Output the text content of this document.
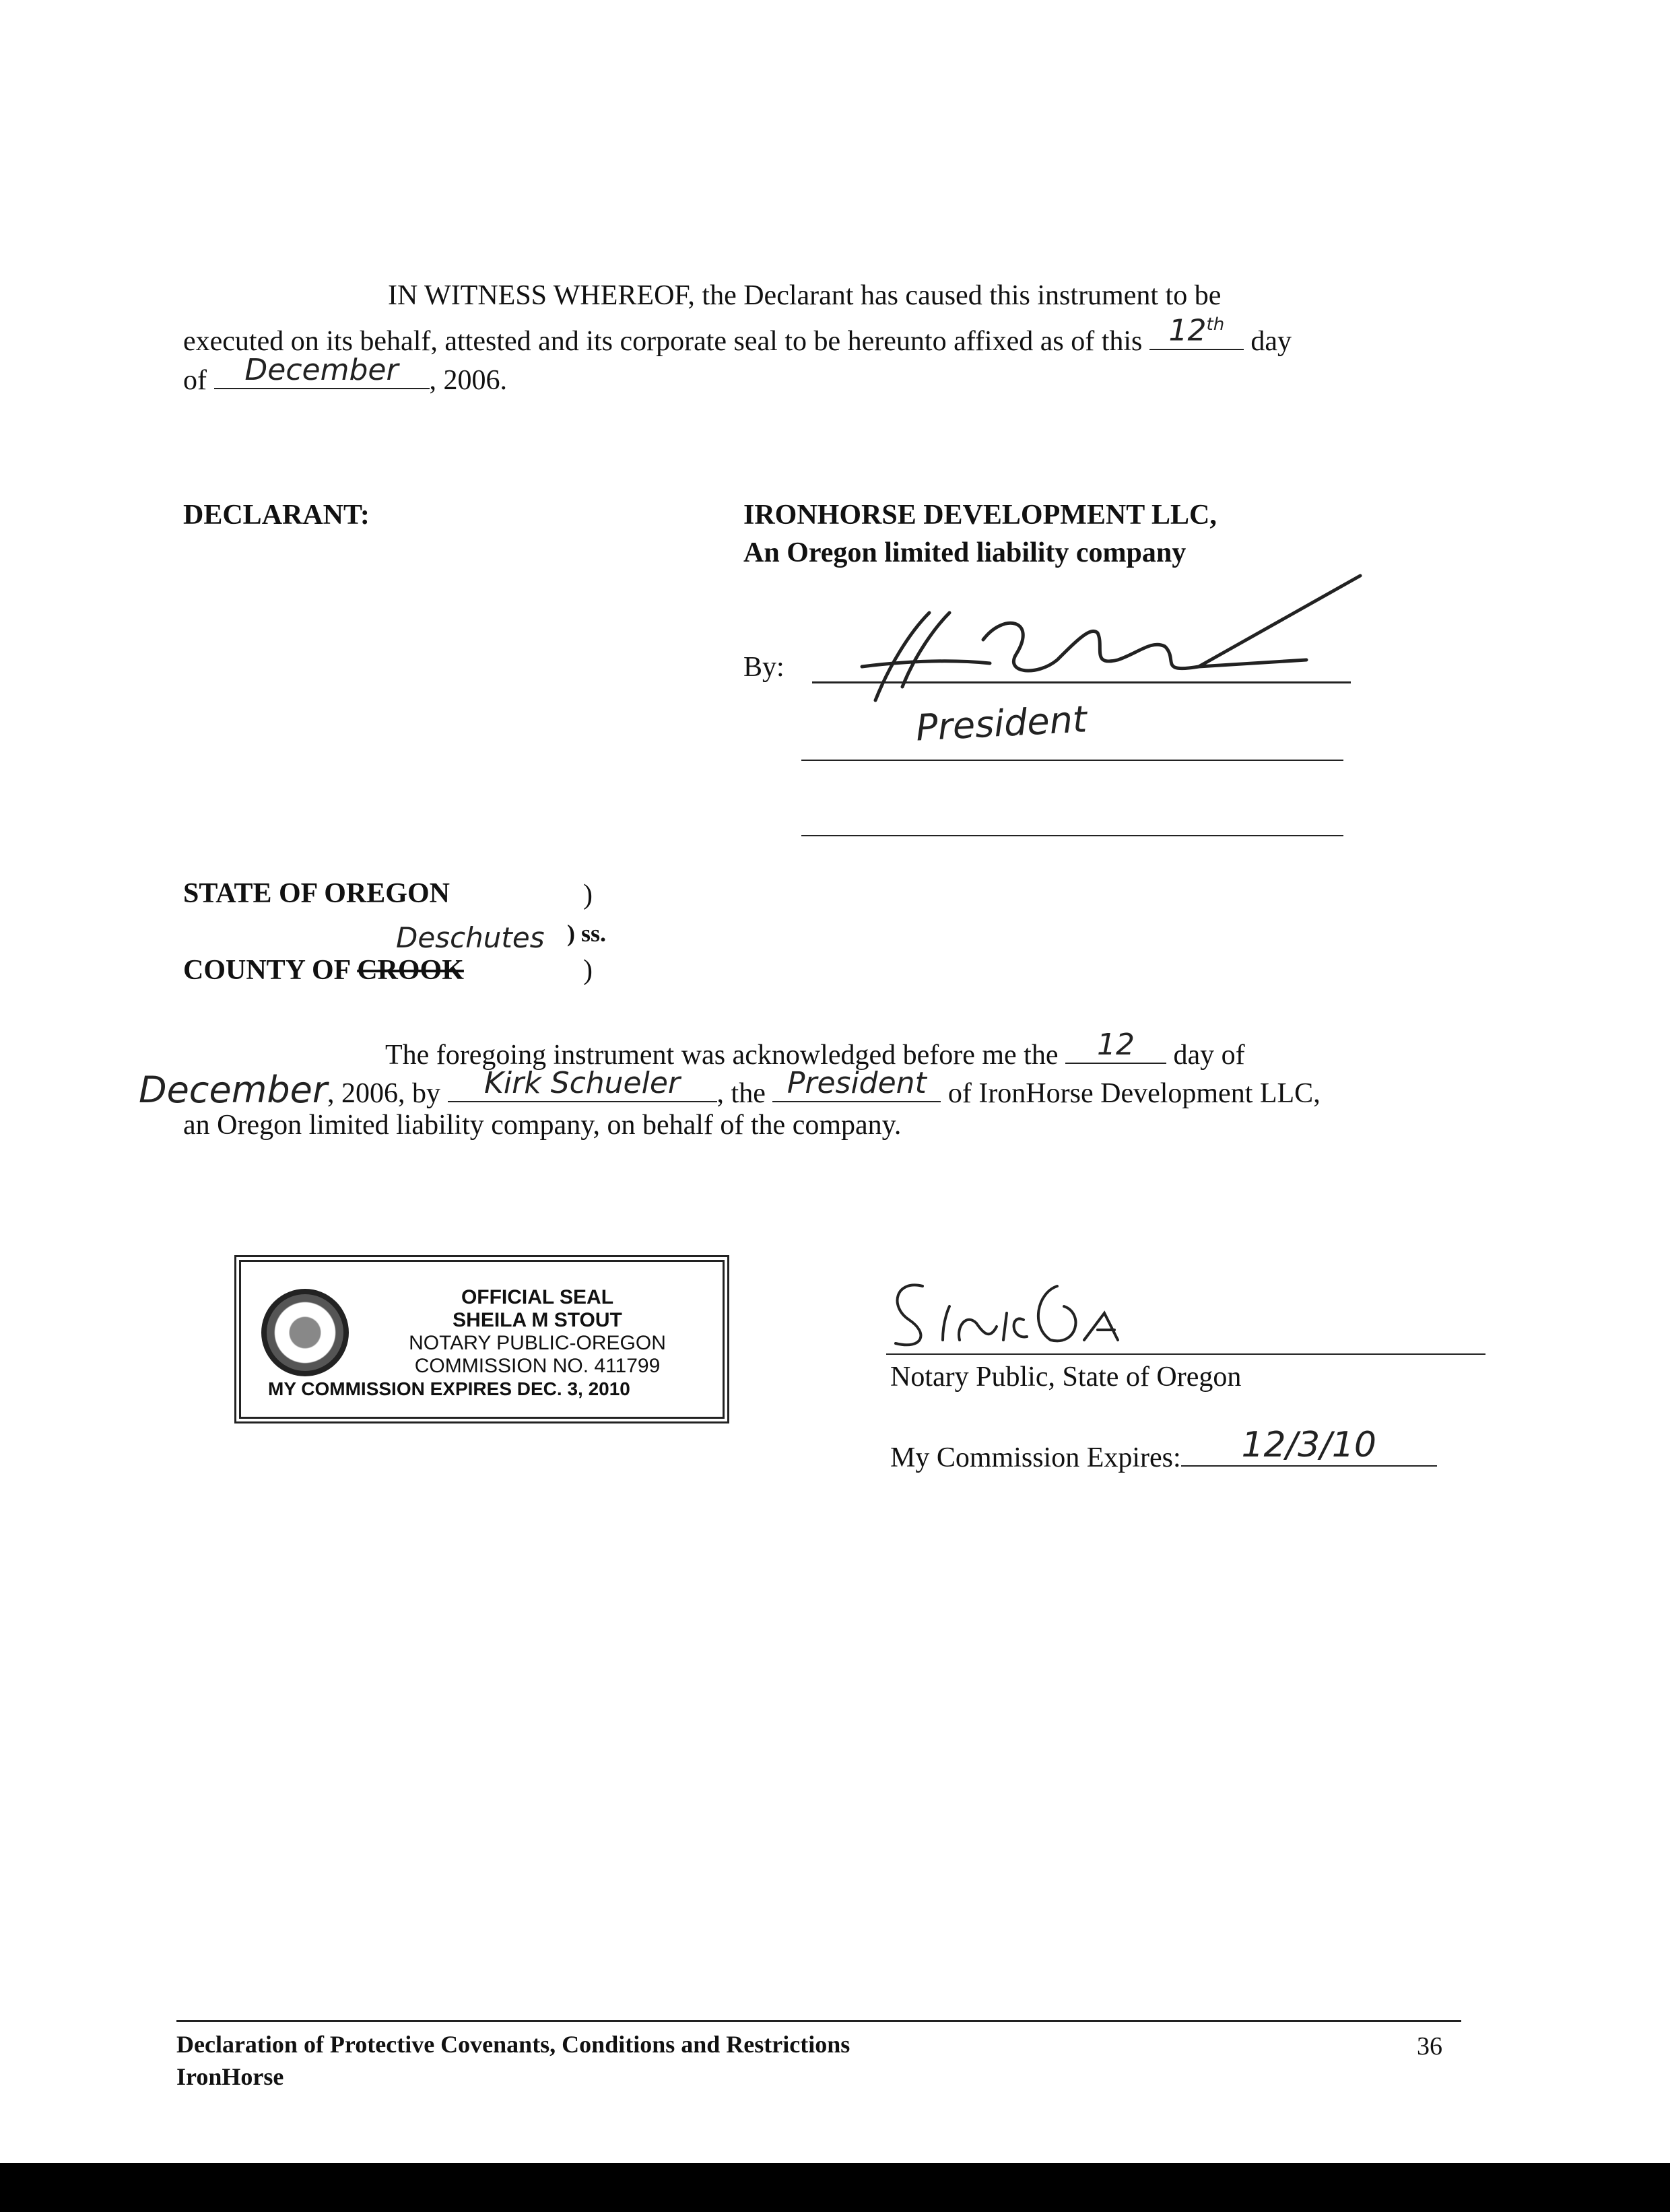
IN WITNESS WHEREOF, the Declarant has caused this instrument to be
executed on its behalf, attested and its corporate seal to be hereunto affixed as of this 12th
day
of	December	, 2006.
DECLARANT:	IRONHORSE DEVELOPMENT LLC,
An Oregon limited liability company
By:
President
STATE OF OREGON	)
Deschutes ) ss.
COUNTY OF CROOK	)
The foregoing instrument was acknowledged before me the	12	day of
December, 2006, by	Kirk Schueler	, the President of IronHorse Development LLC,
an Oregon limited liability company, on behalf of the company.
OFFICIAL SEAL
SHEILA M STOUT
NOTARY PUBLIC-OREGON
COMMISSION NO. 411799
MY COMMISSION EXPIRES DEC. 3, 2010	Notary Public, State of Oregon
My Commission Expires:	12/3/10
Declaration of Protective Covenants, Conditions and Restrictions
IronHorse
36
